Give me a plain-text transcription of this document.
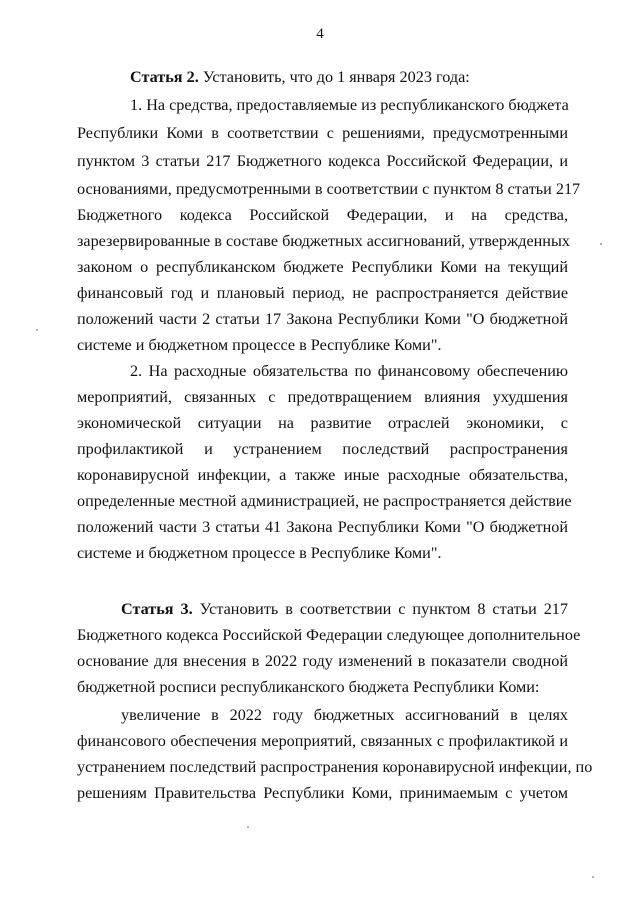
4
Статья 2. Установить, что до 1 января 2023 года:
1. На средства, предоставляемые из республиканского бюджета
Республики Коми в соответствии с решениями, предусмотренными
пунктом 3 статьи 217 Бюджетного кодекса Российской Федерации, и
основаниями, предусмотренными в соответствии с пунктом 8 статьи 217
Бюджетного кодекса Российской Федерации, и на средства,
зарезервированные в составе бюджетных ассигнований, утвержденных
законом о республиканском бюджете Республики Коми на текущий
финансовый год и плановый период, не распространяется действие
положений части 2 статьи 17 Закона Республики Коми "О бюджетной
системе и бюджетном процессе в Республике Коми".
2. На расходные обязательства по финансовому обеспечению
мероприятий, связанных с предотвращением влияния ухудшения
экономической ситуации на развитие отраслей экономики, с
профилактикой и устранением последствий распространения
коронавирусной инфекции, а также иные расходные обязательства,
определенные местной администрацией, не распространяется действие
положений части 3 статьи 41 Закона Республики Коми "О бюджетной
системе и бюджетном процессе в Республике Коми".
Статья 3. Установить в соответствии с пунктом 8 статьи 217
Бюджетного кодекса Российской Федерации следующее дополнительное
основание для внесения в 2022 году изменений в показатели сводной
бюджетной росписи республиканского бюджета Республики Коми:
увеличение в 2022 году бюджетных ассигнований в целях
финансового обеспечения мероприятий, связанных с профилактикой и
устранением последствий распространения коронавирусной инфекции, по
решениям Правительства Республики Коми, принимаемым с учетом
